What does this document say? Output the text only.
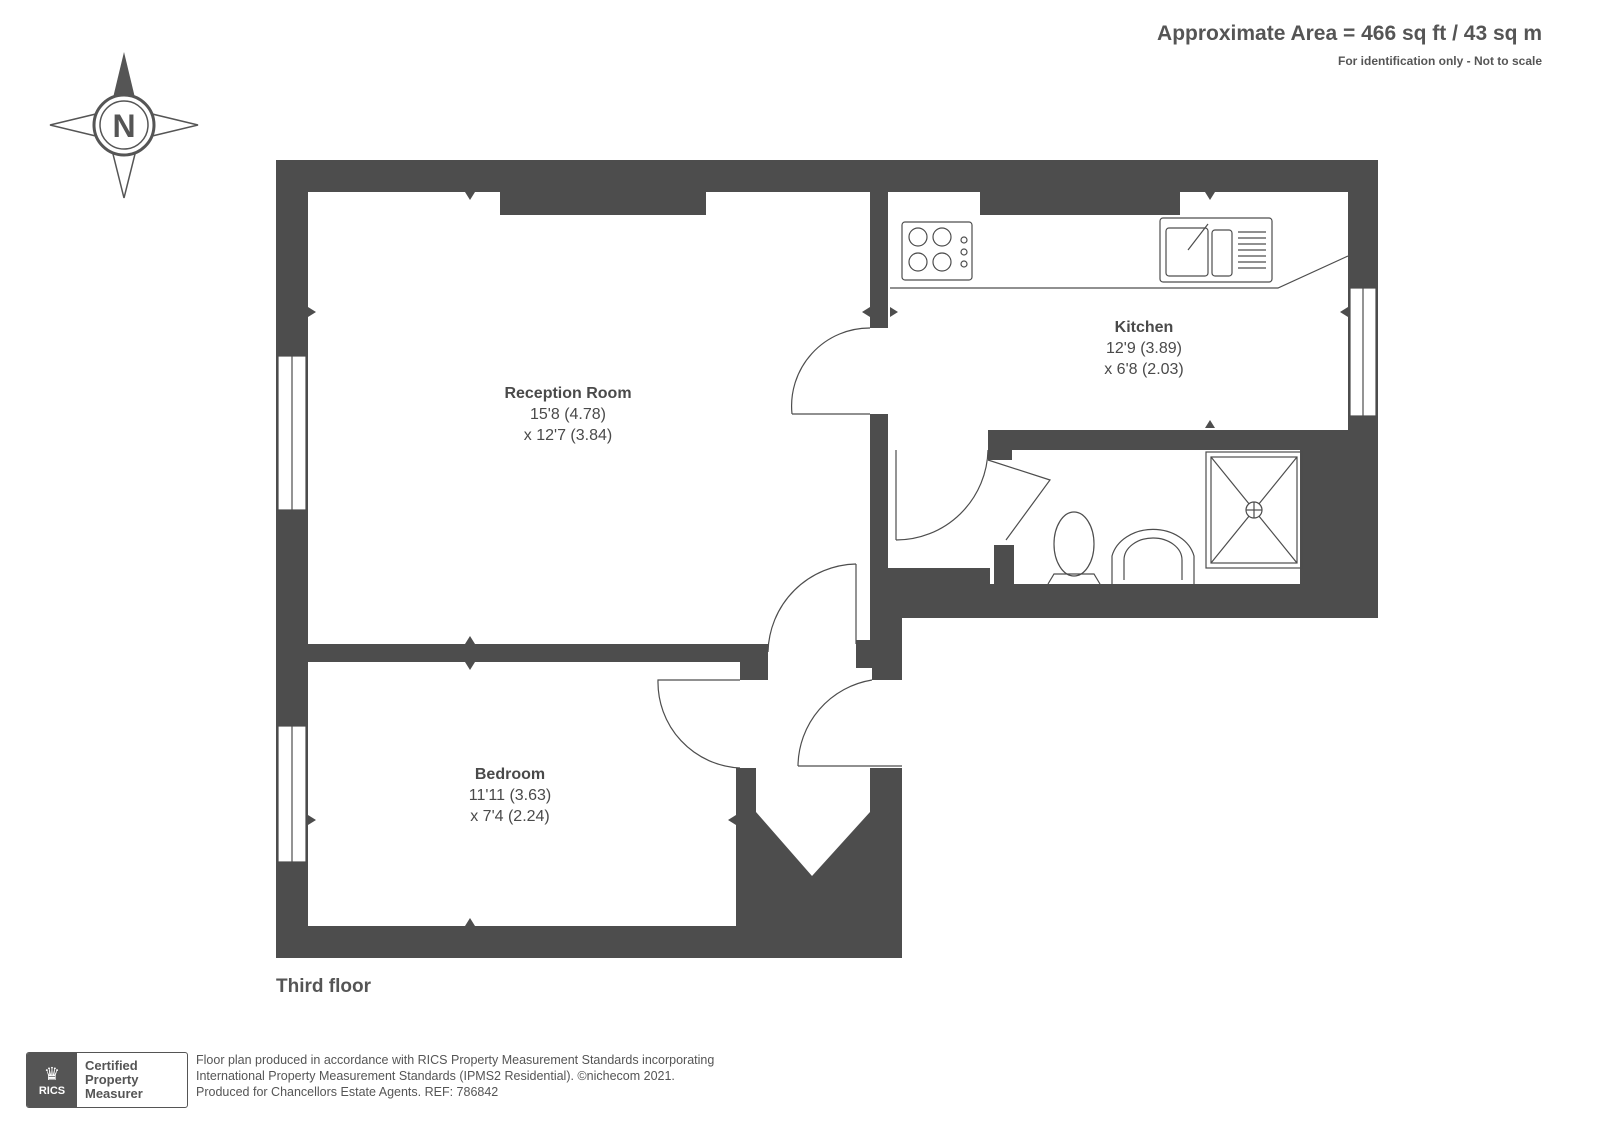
Approximate Area = 466 sq ft / 43 sq m
For identification only - Not to scale
N
Reception Room
15'8 (4.78)
x 12'7 (3.84)
Kitchen
12'9 (3.89)
x 6'8 (2.03)
Bedroom
11'11 (3.63)
x 7'4 (2.24)
Third floor
♛
RICS
Certified
Property
Measurer
Floor plan produced in accordance with RICS Property Measurement Standards incorporating
International Property Measurement Standards (IPMS2 Residential). ©nichecom 2021.
Produced for Chancellors Estate Agents. REF: 786842
